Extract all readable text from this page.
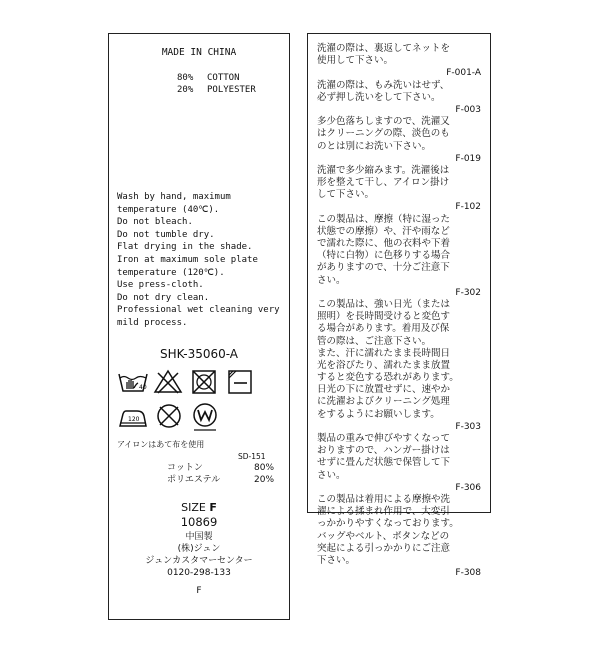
MADE IN CHINA
80% COTTON
20% POLYESTER
Wash by hand, maximum
temperature (40℃).
Do not bleach.
Do not tumble dry.
Flat drying in the shade.
Iron at maximum sole plate
temperature (120℃).
Use press-cloth.
Do not dry clean.
Professional wet cleaning very
mild process.
SHK-35060-A
40
120
アイロンはあて布を使用
SD-151
コットン	80%
ポリエステル	20%
SIZE F
10869
中国製
(株)ジュン
ジュンカスタマーセンター
0120-298-133
F
洗濯の際は、裏返してネットを
使用して下さい。
F-001-A
洗濯の際は、もみ洗いはせず、
必ず押し洗いをして下さい。
F-003
多少色落ちしますので、洗濯又
はクリーニングの際、淡色のも
のとは別にお洗い下さい。
F-019
洗濯で多少縮みます。洗濯後は
形を整えて干し、アイロン掛け
して下さい。
F-102
この製品は、摩擦（特に湿った
状態での摩擦）や、汗や雨など
で濡れた際に、他の衣料や下着
（特に白物）に色移りする場合
がありますので、十分ご注意下
さい。
F-302
この製品は、強い日光（または
照明）を長時間受けると変色す
る場合があります。着用及び保
管の際は、ご注意下さい。
また、汗に濡れたまま長時間日
光を浴びたり、濡れたまま放置
すると変色する恐れがあります。
日光の下に放置せずに、速やか
に洗濯およびクリーニング処理
をするようにお願いします。
F-303
製品の重みで伸びやすくなって
おりますので、ハンガー掛けは
せずに畳んだ状態で保管して下
さい。
F-306
この製品は着用による摩擦や洗
濯による揉まれ作用で、大変引
っかかりやすくなっております。
バッグやベルト、ボタンなどの
突起による引っかかりにご注意
下さい。
F-308
